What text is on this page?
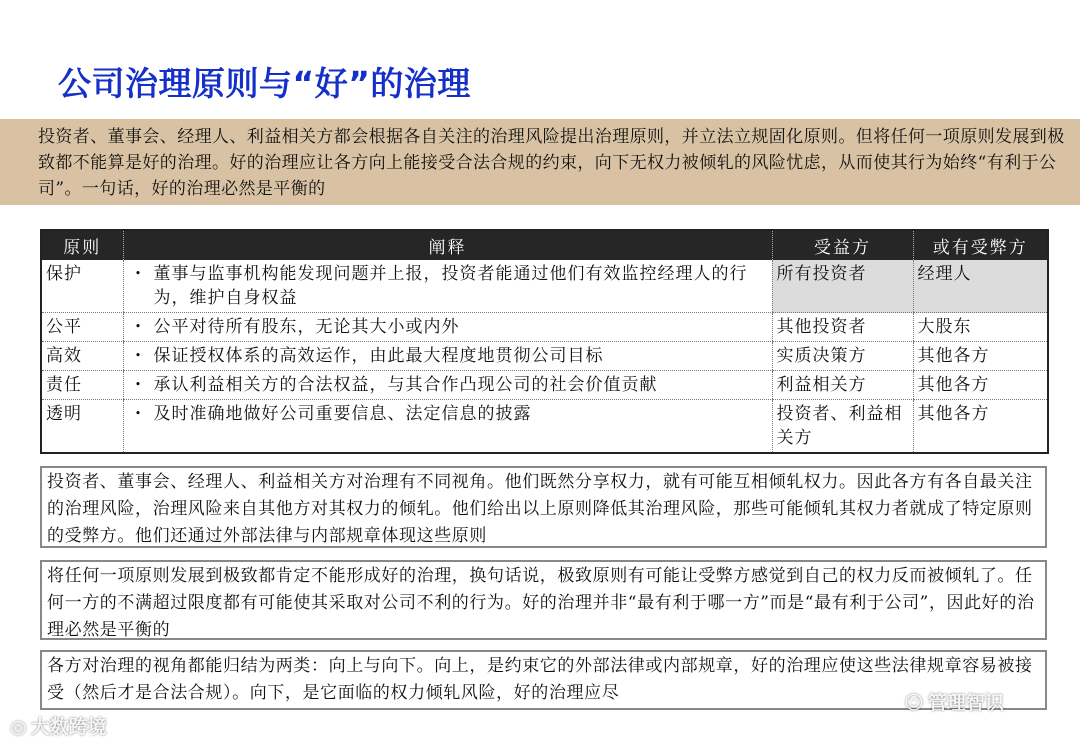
公司治理原则与“好”的治理
投资者、董事会、经理人、利益相关方都会根据各自关注的治理风险提出治理原则，并立法立规固化原则。但将任何一项原则发展到极致都不能算是好的治理。好的治理应让各方向上能接受合法合规的约束，向下无权力被倾轧的风险忧虑，从而使其行为始终“有利于公司”。一句话，好的治理必然是平衡的
原则	阐释	受益方	或有受弊方
保护	• 董事与监事机构能发现问题并上报，投资者能通过他们有效监控经理人的行为，维护自身权益	所有投资者	经理人
公平	• 公平对待所有股东，无论其大小或内外	其他投资者	大股东
高效	• 保证授权体系的高效运作，由此最大程度地贯彻公司目标	实质决策方	其他各方
责任	• 承认利益相关方的合法权益，与其合作凸现公司的社会价值贡献	利益相关方	其他各方
透明	• 及时准确地做好公司重要信息、法定信息的披露	投资者、利益相关方	其他各方
投资者、董事会、经理人、利益相关方对治理有不同视角。他们既然分享权力，就有可能互相倾轧权力。因此各方有各自最关注的治理风险，治理风险来自其他方对其权力的倾轧。他们给出以上原则降低其治理风险，那些可能倾轧其权力者就成了特定原则的受弊方。他们还通过外部法律与内部规章体现这些原则
将任何一项原则发展到极致都肯定不能形成好的治理，换句话说，极致原则有可能让受弊方感觉到自己的权力反而被倾轧了。任何一方的不满超过限度都有可能使其采取对公司不利的行为。好的治理并非“最有利于哪一方”而是“最有利于公司”，因此好的治理必然是平衡的
各方对治理的视角都能归结为两类：向上与向下。向上，是约束它的外部法律或内部规章，好的治理应使这些法律规章容易被接受（然后才是合法合规）。向下，是它面临的权力倾轧风险，好的治理应尽
◎ 大数跨境
☺ 管理智识
